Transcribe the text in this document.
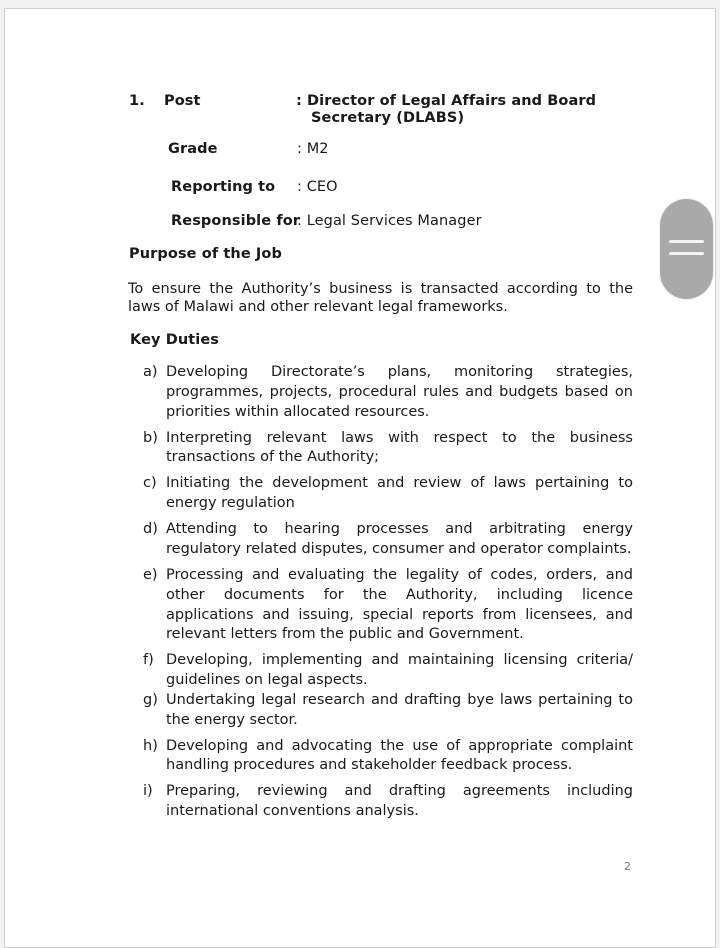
1. Post	: Director of Legal Affairs and Board
Secretary (DLABS)
Grade	: M2
Reporting to : CEO
Responsible for
: Legal Services Manager
Purpose of the Job
To ensure the Authority’s business is transacted according to the laws of Malawi and other relevant legal frameworks.
Key Duties
a) Developing Directorate’s plans, monitoring strategies, programmes, projects, procedural rules and budgets based on priorities within allocated resources.
b) Interpreting relevant laws with respect to the business transactions of the Authority;
c) Initiating the development and review of laws pertaining to energy regulation
d) Attending to hearing processes and arbitrating energy regulatory related disputes, consumer and operator complaints.
e) Processing and evaluating the legality of codes, orders, and other documents for the Authority, including licence applications and issuing, special reports from licensees, and relevant letters from the public and Government.
f) Developing, implementing and maintaining licensing criteria/ guidelines on legal aspects.
g) Undertaking legal research and drafting bye laws pertaining to the energy sector.
h) Developing and advocating the use of appropriate complaint handling procedures and stakeholder feedback process.
i) Preparing, reviewing and drafting agreements including international conventions analysis.
2
